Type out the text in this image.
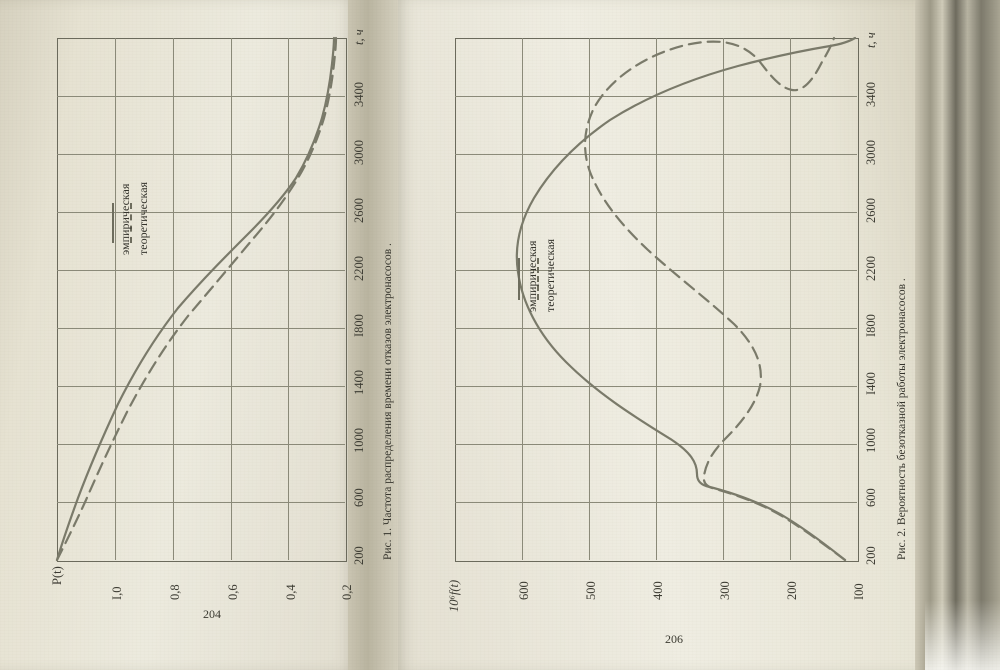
P(t)
I,0	0,8	0,6	0,4	0,2
200
600
1000
1400
I800
2200
2600
3000
3400
t, ч
эмпирическая теоретическая
Рис. 1. Частота распределения времени отказов электронасосов .
204
10⁶f(t)	600	500	400	300	200	I00
200
600
1000
I400
I800
2200
2600
3000
3400
t, ч
эмпирическая теоретическая
Рис. 2. Вероятность безотказной работы электронасосов .
206
